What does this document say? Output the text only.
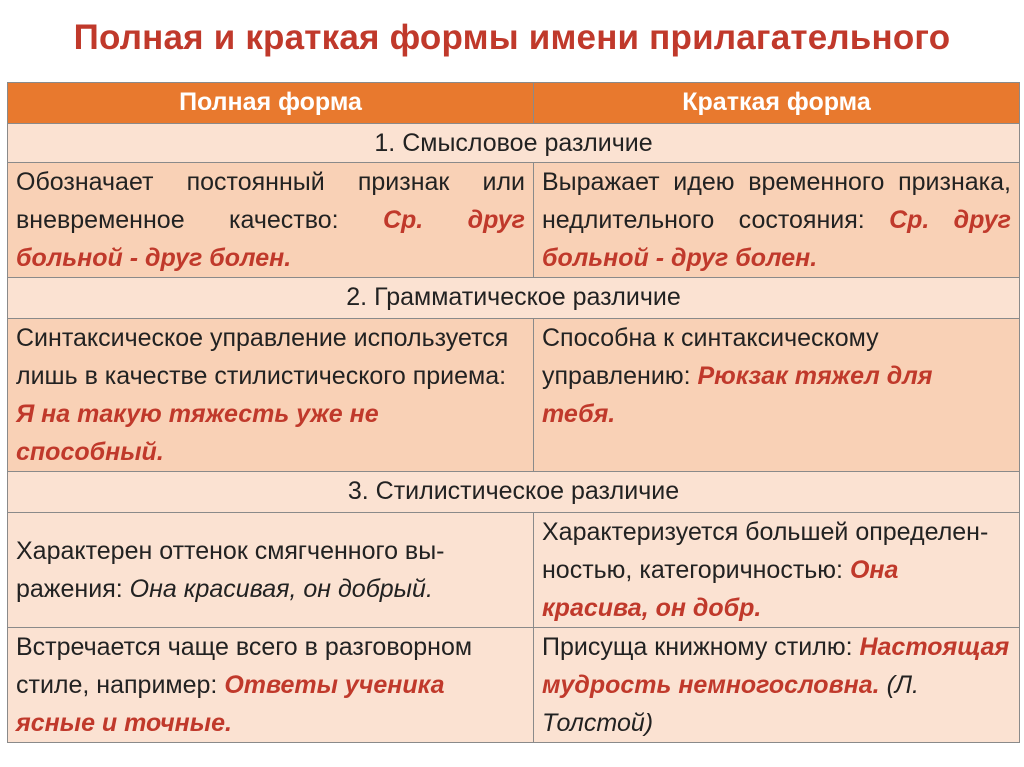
Полная и краткая формы имени прилагательного
Полная форма	Краткая форма
1. Смысловое различие	
Обозначает постоянный признак или вневременное качество: Ср. друг больной - друг болен.	Выражает идею временного признака, недлительного состояния: Ср. друг больной - друг болен.
2. Грамматическое различие	
Синтаксическое управление используется лишь в качестве стилистического приема: Я на такую тяжесть уже не способный.	Способна к синтаксическому управлению: Рюкзак тяжел для тебя.
3. Стилистическое различие	
Характерен оттенок смягченного вы-ражения: Она красивая, он добрый.	Характеризуется большей определен-ностью, категоричностью: Она красива, он добр.
Встречается чаще всего в разговорном стиле, например: Ответы ученика ясные и точные.	Присуща книжному стилю: Настоящая мудрость немногословна. (Л. Толстой)
